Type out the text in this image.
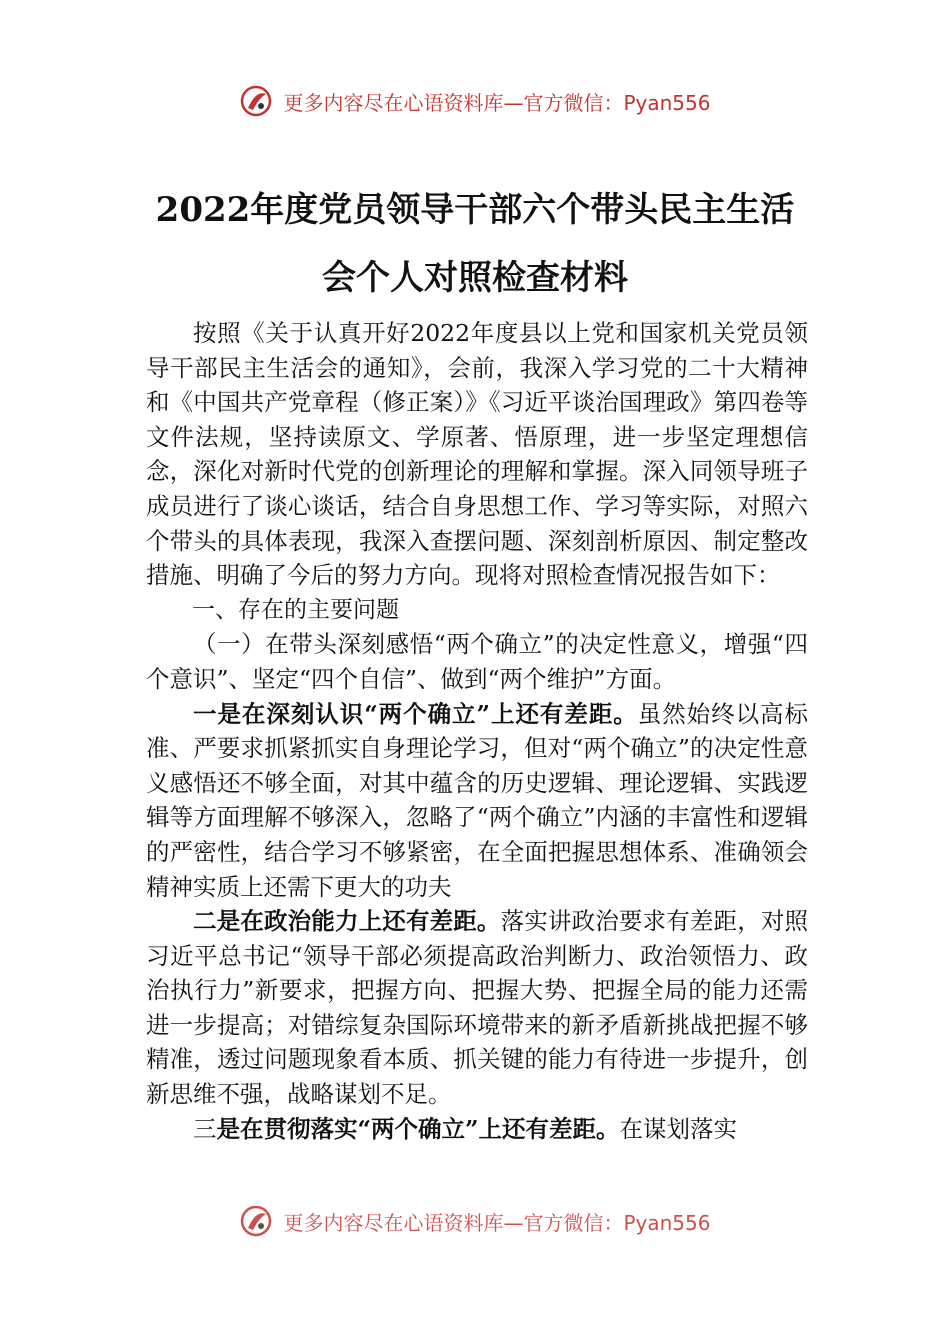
更多内容尽在心语资料库—官方微信：Pyan556
2022年度党员领导干部六个带头民主生活
会个人对照检查材料

按照《关于认真开好2022年度县以上党和国家机关党员领导干部民主生活会的通知》，会前，我深入学习党的二十大精神和《中国共产党章程（修正案）》《习近平谈治国理政》第四卷等文件法规，坚持读原文、学原著、悟原理，进一步坚定理想信念，深化对新时代党的创新理论的理解和掌握。深入同领导班子成员进行了谈心谈话，结合自身思想工作、学习等实际，对照六个带头的具体表现，我深入查摆问题、深刻剖析原因、制定整改措施、明确了今后的努力方向。现将对照检查情况报告如下：

一、存在的主要问题

（一）在带头深刻感悟“两个确立”的决定性意义，增强“四个意识”、坚定“四个自信”、做到“两个维护”方面。

一是在深刻认识“两个确立”上还有差距。虽然始终以高标准、严要求抓紧抓实自身理论学习，但对“两个确立”的决定性意义感悟还不够全面，对其中蕴含的历史逻辑、理论逻辑、实践逻辑等方面理解不够深入，忽略了“两个确立”内涵的丰富性和逻辑的严密性，结合学习不够紧密，在全面把握思想体系、准确领会精神实质上还需下更大的功夫

二是在政治能力上还有差距。落实讲政治要求有差距，对照习近平总书记“领导干部必须提高政治判断力、政治领悟力、政治执行力”新要求，把握方向、把握大势、把握全局的能力还需进一步提高；对错综复杂国际环境带来的新矛盾新挑战把握不够精准，透过问题现象看本质、抓关键的能力有待进一步提升，创新思维不强，战略谋划不足。

三是在贯彻落实“两个确立”上还有差距。在谋划落实

更多内容尽在心语资料库—官方微信：Pyan556
